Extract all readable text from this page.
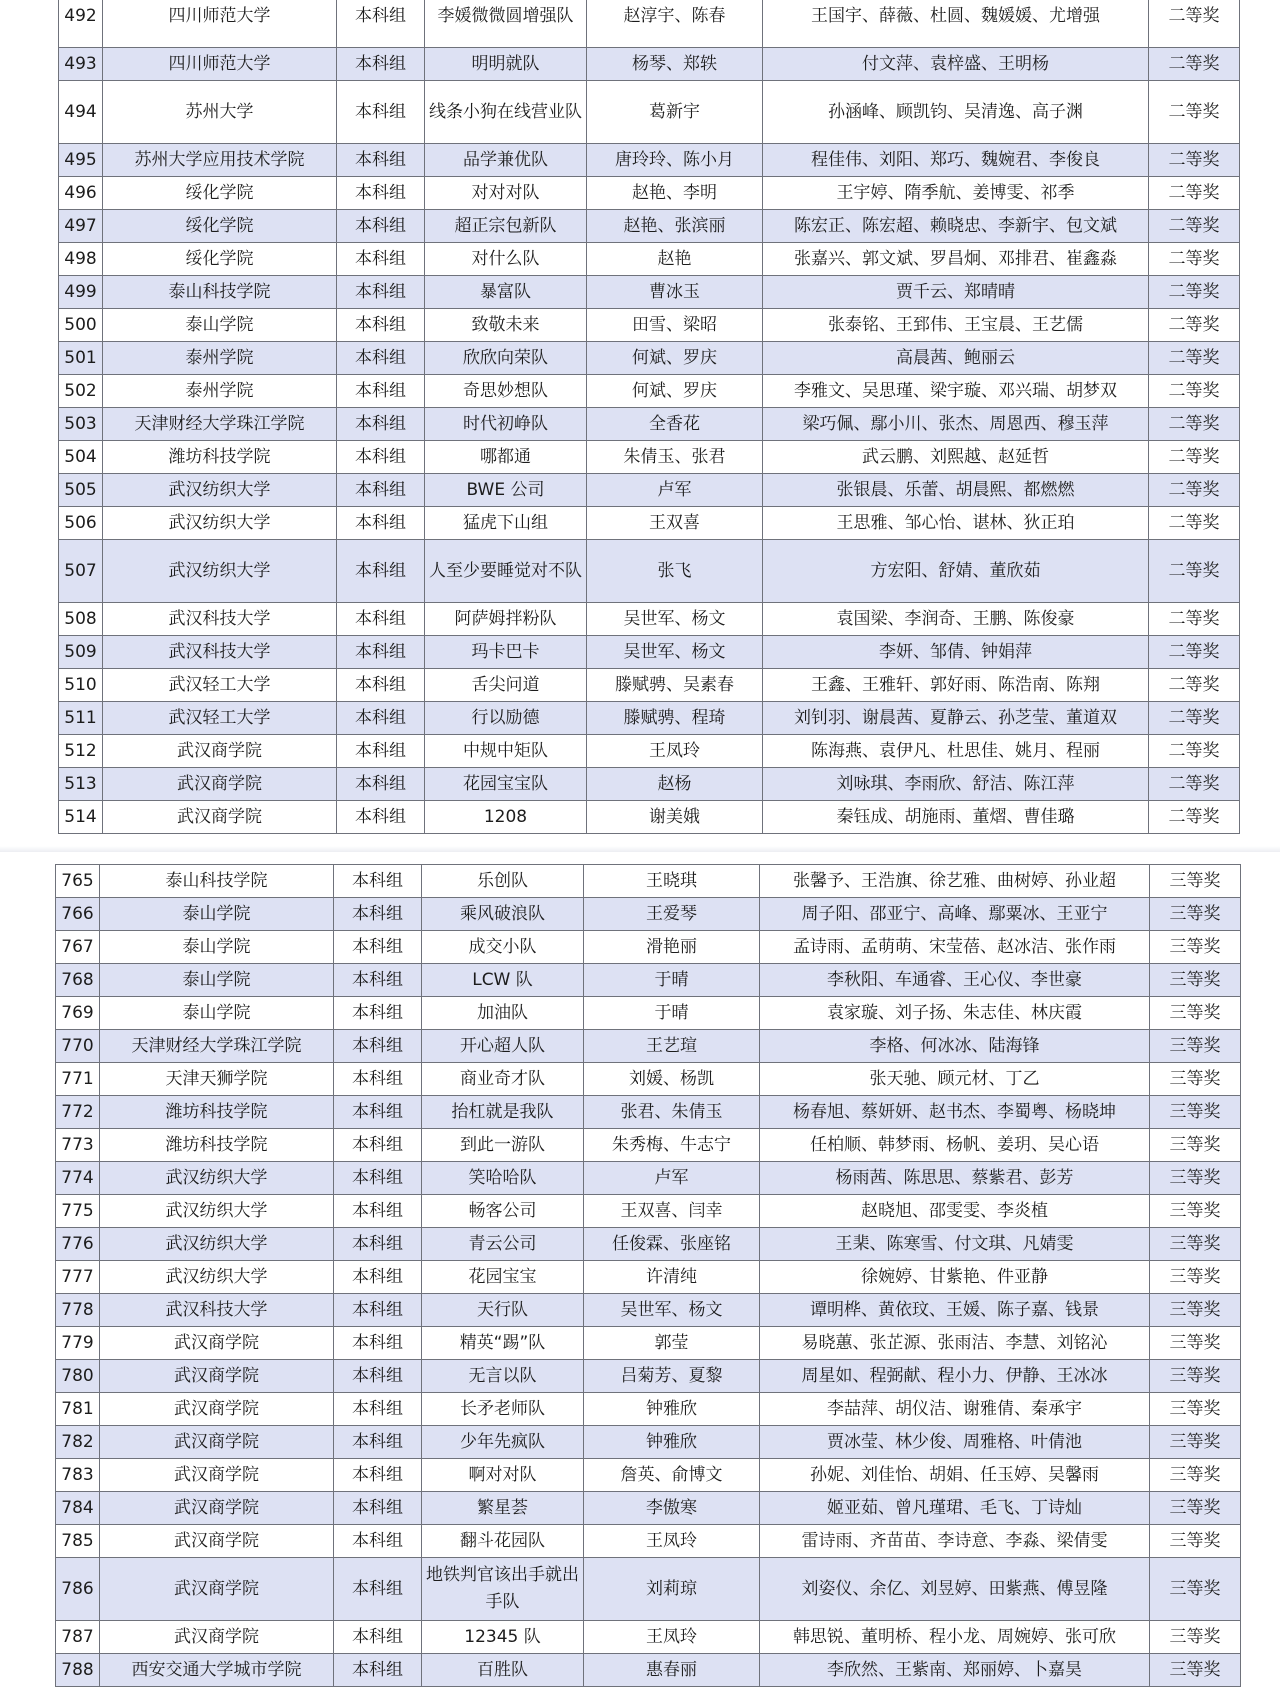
492	四川师范大学	本科组	李媛微微圆增强队	赵淳宇、陈春	王国宇、薛薇、杜圆、魏媛媛、尤增强	二等奖
493	四川师范大学	本科组	明明就队	杨琴、郑轶	付文萍、袁梓盛、王明杨	二等奖
494	苏州大学	本科组	线条小狗在线营业队	葛新宇	孙涵峰、顾凯钧、吴清逸、高子渊	二等奖
495	苏州大学应用技术学院	本科组	品学兼优队	唐玲玲、陈小月	程佳伟、刘阳、郑巧、魏婉君、李俊良	二等奖
496	绥化学院	本科组	对对对队	赵艳、李明	王宇婷、隋季航、姜博雯、祁季	二等奖
497	绥化学院	本科组	超正宗包新队	赵艳、张滨丽	陈宏正、陈宏超、赖晓忠、李新宇、包文斌	二等奖
498	绥化学院	本科组	对什么队	赵艳	张嘉兴、郭文斌、罗昌炯、邓排君、崔鑫淼	二等奖
499	泰山科技学院	本科组	暴富队	曹冰玉	贾千云、郑晴晴	二等奖
500	泰山学院	本科组	致敬未来	田雪、梁昭	张泰铭、王郅伟、王宝晨、王艺儒	二等奖
501	泰州学院	本科组	欣欣向荣队	何斌、罗庆	高晨茜、鲍丽云	二等奖
502	泰州学院	本科组	奇思妙想队	何斌、罗庆	李雅文、吴思瑾、梁宇璇、邓兴瑞、胡梦双	二等奖
503	天津财经大学珠江学院	本科组	时代初峥队	全香花	梁巧佩、鄢小川、张杰、周恩西、穆玉萍	二等奖
504	潍坊科技学院	本科组	哪都通	朱倩玉、张君	武云鹏、刘熙越、赵延哲	二等奖
505	武汉纺织大学	本科组	BWE 公司	卢军	张银晨、乐蕾、胡晨熙、都燃燃	二等奖
506	武汉纺织大学	本科组	猛虎下山组	王双喜	王思雅、邹心怡、谌林、狄正珀	二等奖
507	武汉纺织大学	本科组	人至少要睡觉对不队	张飞	方宏阳、舒婧、董欣茹	二等奖
508	武汉科技大学	本科组	阿萨姆拌粉队	吴世军、杨文	袁国梁、李润奇、王鹏、陈俊豪	二等奖
509	武汉科技大学	本科组	玛卡巴卡	吴世军、杨文	李妍、邹倩、钟娟萍	二等奖
510	武汉轻工大学	本科组	舌尖问道	滕赋骋、吴素春	王鑫、王雅轩、郭好雨、陈浩南、陈翔	二等奖
511	武汉轻工大学	本科组	行以励德	滕赋骋、程琦	刘钊羽、谢晨茜、夏静云、孙芝莹、董道双	二等奖
512	武汉商学院	本科组	中规中矩队	王凤玲	陈海燕、袁伊凡、杜思佳、姚月、程丽	二等奖
513	武汉商学院	本科组	花园宝宝队	赵杨	刘咏琪、李雨欣、舒洁、陈江萍	二等奖
514	武汉商学院	本科组	1208	谢美娥	秦钰成、胡施雨、董熠、曹佳璐	二等奖
765	泰山科技学院	本科组	乐创队	王晓琪	张馨予、王浩旗、徐艺雅、曲树婷、孙业超	三等奖
766	泰山学院	本科组	乘风破浪队	王爱琴	周子阳、邵亚宁、高峰、鄢粟冰、王亚宁	三等奖
767	泰山学院	本科组	成交小队	滑艳丽	孟诗雨、孟萌萌、宋莹蓓、赵冰洁、张作雨	三等奖
768	泰山学院	本科组	LCW 队	于晴	李秋阳、车通睿、王心仪、李世豪	三等奖
769	泰山学院	本科组	加油队	于晴	袁家璇、刘子扬、朱志佳、林庆霞	三等奖
770	天津财经大学珠江学院	本科组	开心超人队	王艺瑄	李格、何冰冰、陆海锋	三等奖
771	天津天狮学院	本科组	商业奇才队	刘媛、杨凯	张天驰、顾元材、丁乙	三等奖
772	潍坊科技学院	本科组	抬杠就是我队	张君、朱倩玉	杨春旭、蔡妍妍、赵书杰、李蜀粤、杨晓坤	三等奖
773	潍坊科技学院	本科组	到此一游队	朱秀梅、牛志宁	任柏顺、韩梦雨、杨帆、姜玥、吴心语	三等奖
774	武汉纺织大学	本科组	笑哈哈队	卢军	杨雨茜、陈思思、蔡紫君、彭芳	三等奖
775	武汉纺织大学	本科组	畅客公司	王双喜、闫幸	赵晓旭、邵雯雯、李炎植	三等奖
776	武汉纺织大学	本科组	青云公司	任俊霖、张座铭	王棐、陈寒雪、付文琪、凡婧雯	三等奖
777	武汉纺织大学	本科组	花园宝宝	许清纯	徐婉婷、甘紫艳、件亚静	三等奖
778	武汉科技大学	本科组	天行队	吴世军、杨文	谭明桦、黄依玟、王媛、陈子嘉、钱景	三等奖
779	武汉商学院	本科组	精英“踢”队	郭莹	易晓蕙、张芷源、张雨洁、李慧、刘铭沁	三等奖
780	武汉商学院	本科组	无言以队	吕菊芳、夏黎	周星如、程弼献、程小力、伊静、王冰冰	三等奖
781	武汉商学院	本科组	长矛老师队	钟雅欣	李喆萍、胡仪洁、谢雅倩、秦承宇	三等奖
782	武汉商学院	本科组	少年先疯队	钟雅欣	贾冰莹、林少俊、周雅格、叶倩池	三等奖
783	武汉商学院	本科组	啊对对队	詹英、俞博文	孙妮、刘佳怡、胡娟、任玉婷、吴馨雨	三等奖
784	武汉商学院	本科组	繁星荟	李傲寒	姬亚茹、曾凡瑾珺、毛飞、丁诗灿	三等奖
785	武汉商学院	本科组	翻斗花园队	王凤玲	雷诗雨、齐苗苗、李诗意、李淼、梁倩雯	三等奖
786	武汉商学院	本科组	地铁判官该出手就出手队	刘莉琼	刘姿仪、余亿、刘昱婷、田紫燕、傅昱隆	三等奖
787	武汉商学院	本科组	12345 队	王凤玲	韩思锐、董明桥、程小龙、周婉婷、张可欣	三等奖
788	西安交通大学城市学院	本科组	百胜队	惠春丽	李欣然、王紫南、郑丽婷、卜嘉昊	三等奖
